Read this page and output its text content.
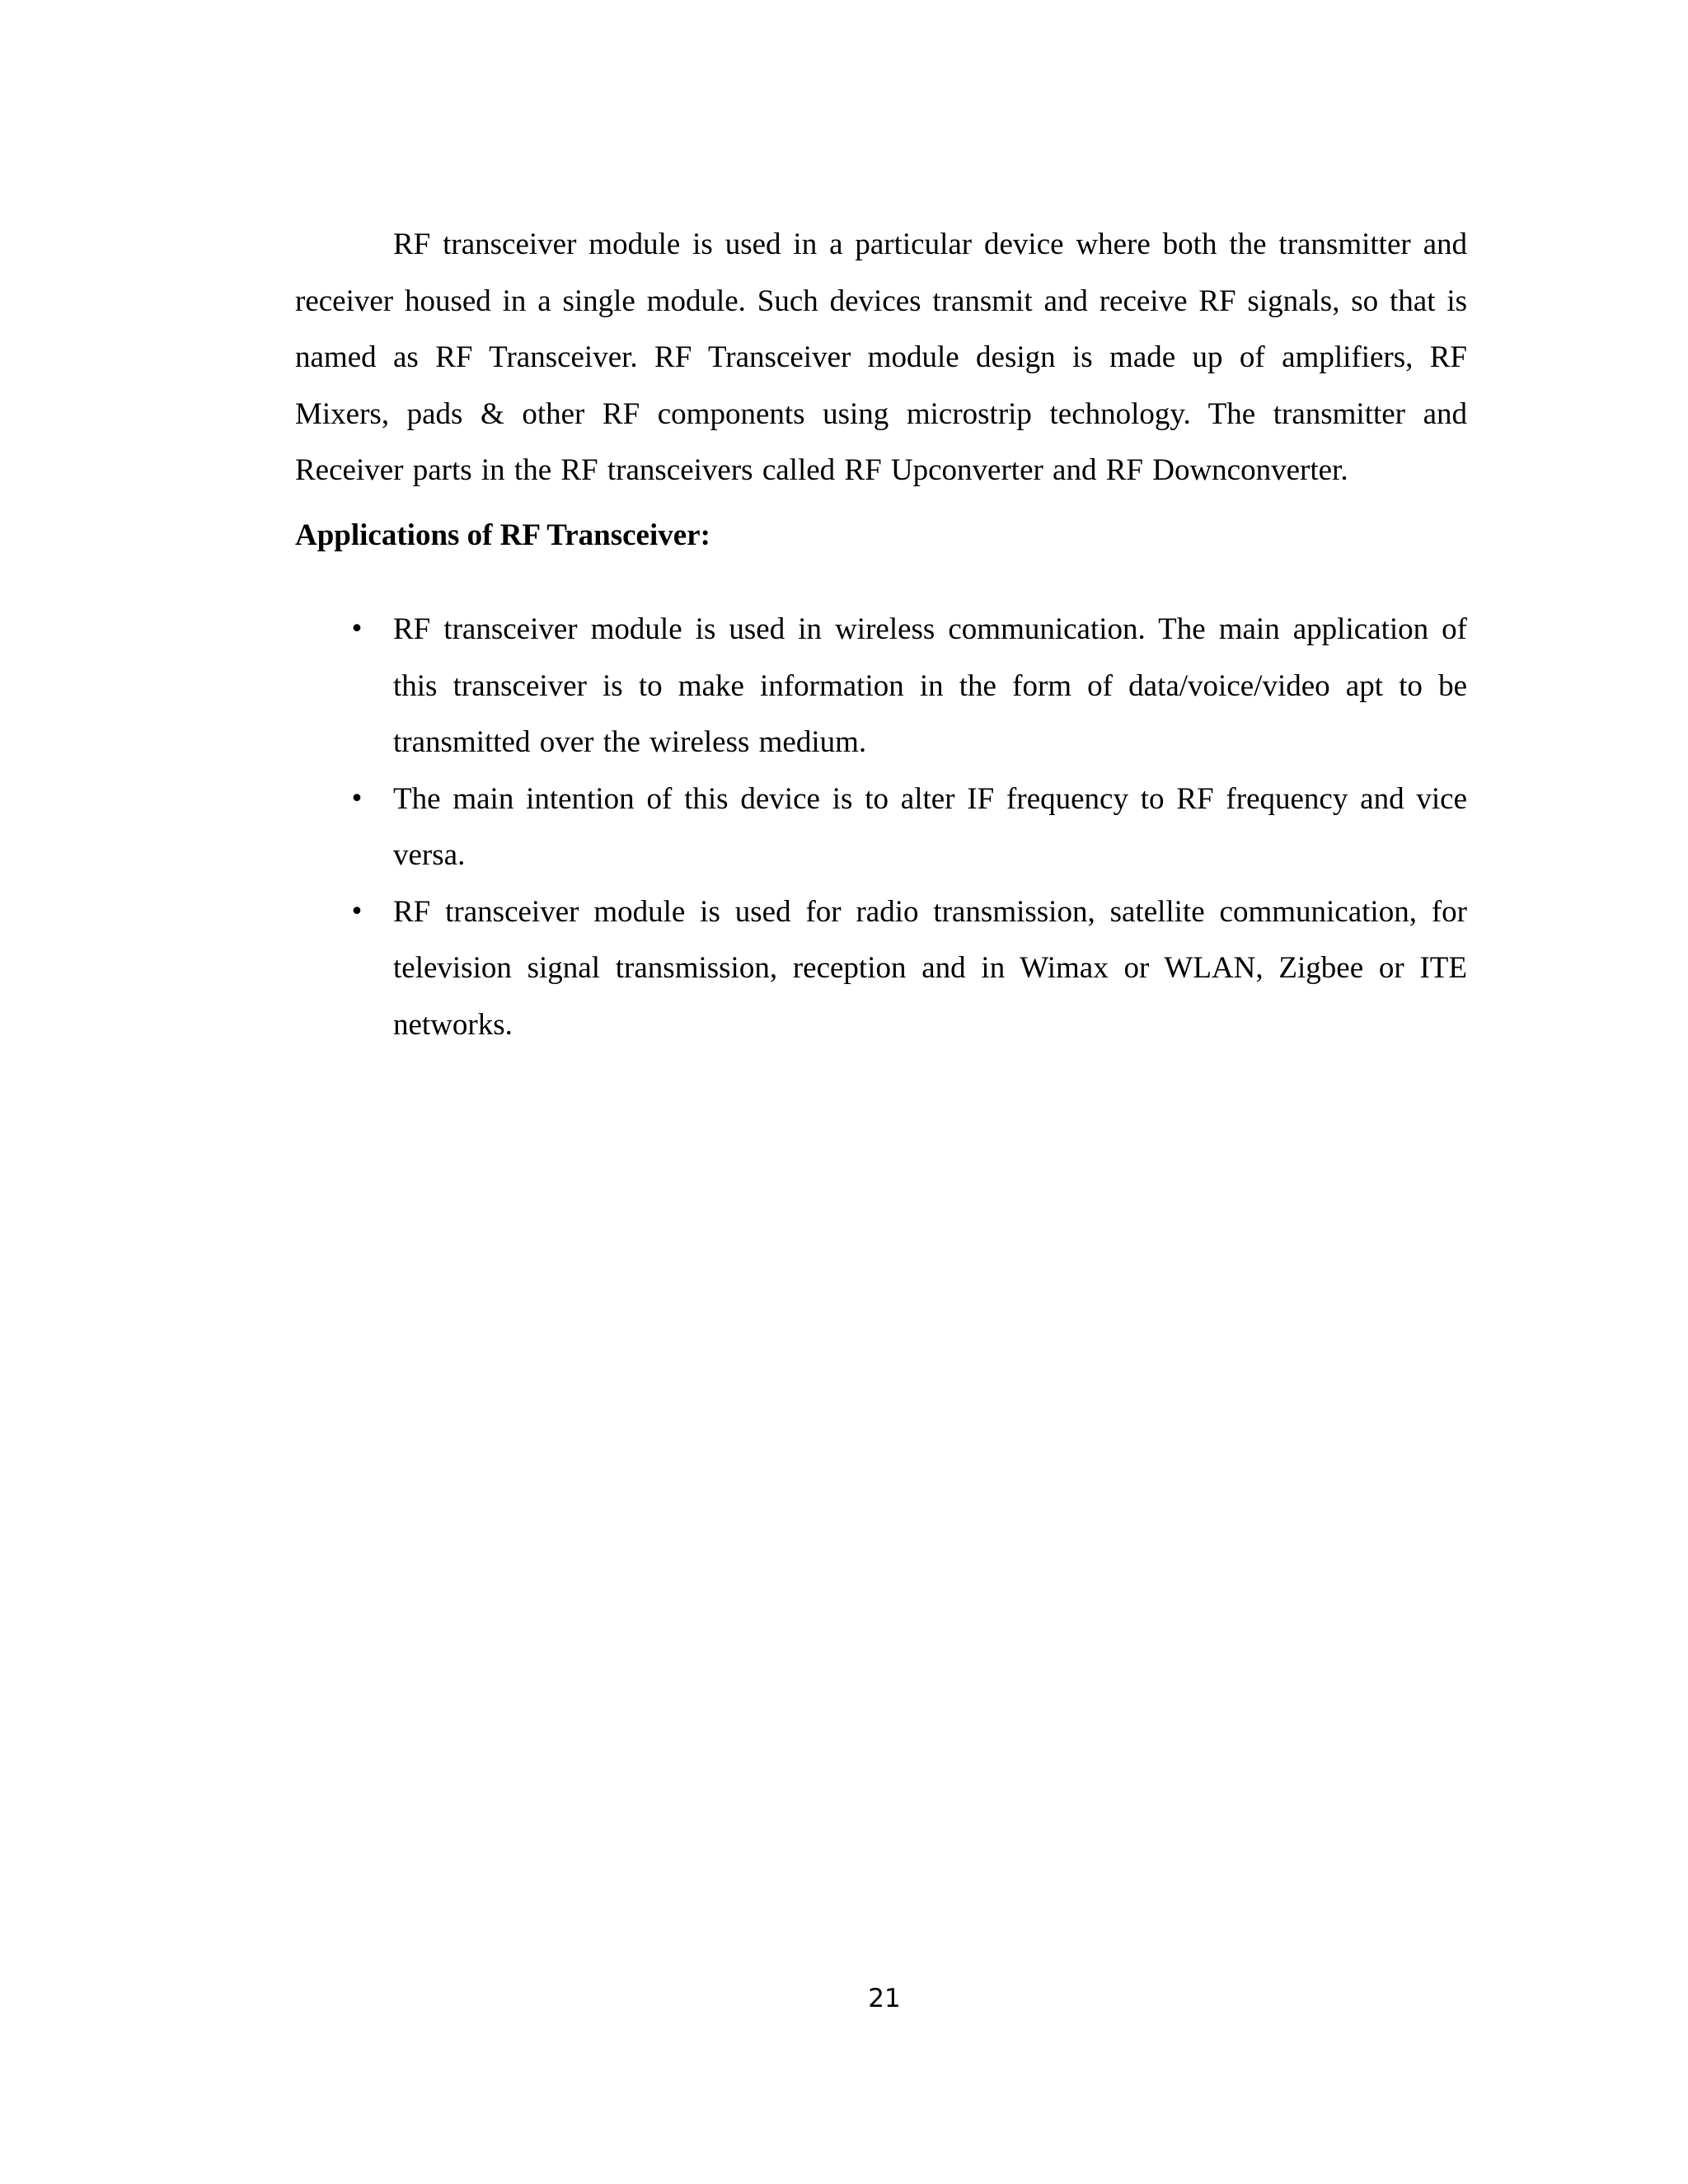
RF transceiver module is used in a particular device where both the transmitter and receiver housed in a single module. Such devices transmit and receive RF signals, so that is named as RF Transceiver. RF Transceiver module design is made up of amplifiers, RF Mixers, pads & other RF components using microstrip technology. The transmitter and Receiver parts in the RF transceivers called RF Upconverter and RF Downconverter.

Applications of RF Transceiver:

• RF transceiver module is used in wireless communication. The main application of this transceiver is to make information in the form of data/voice/video apt to be transmitted over the wireless medium.
• The main intention of this device is to alter IF frequency to RF frequency and vice versa.
• RF transceiver module is used for radio transmission, satellite communication, for television signal transmission, reception and in Wimax or WLAN, Zigbee or ITE networks.
21
